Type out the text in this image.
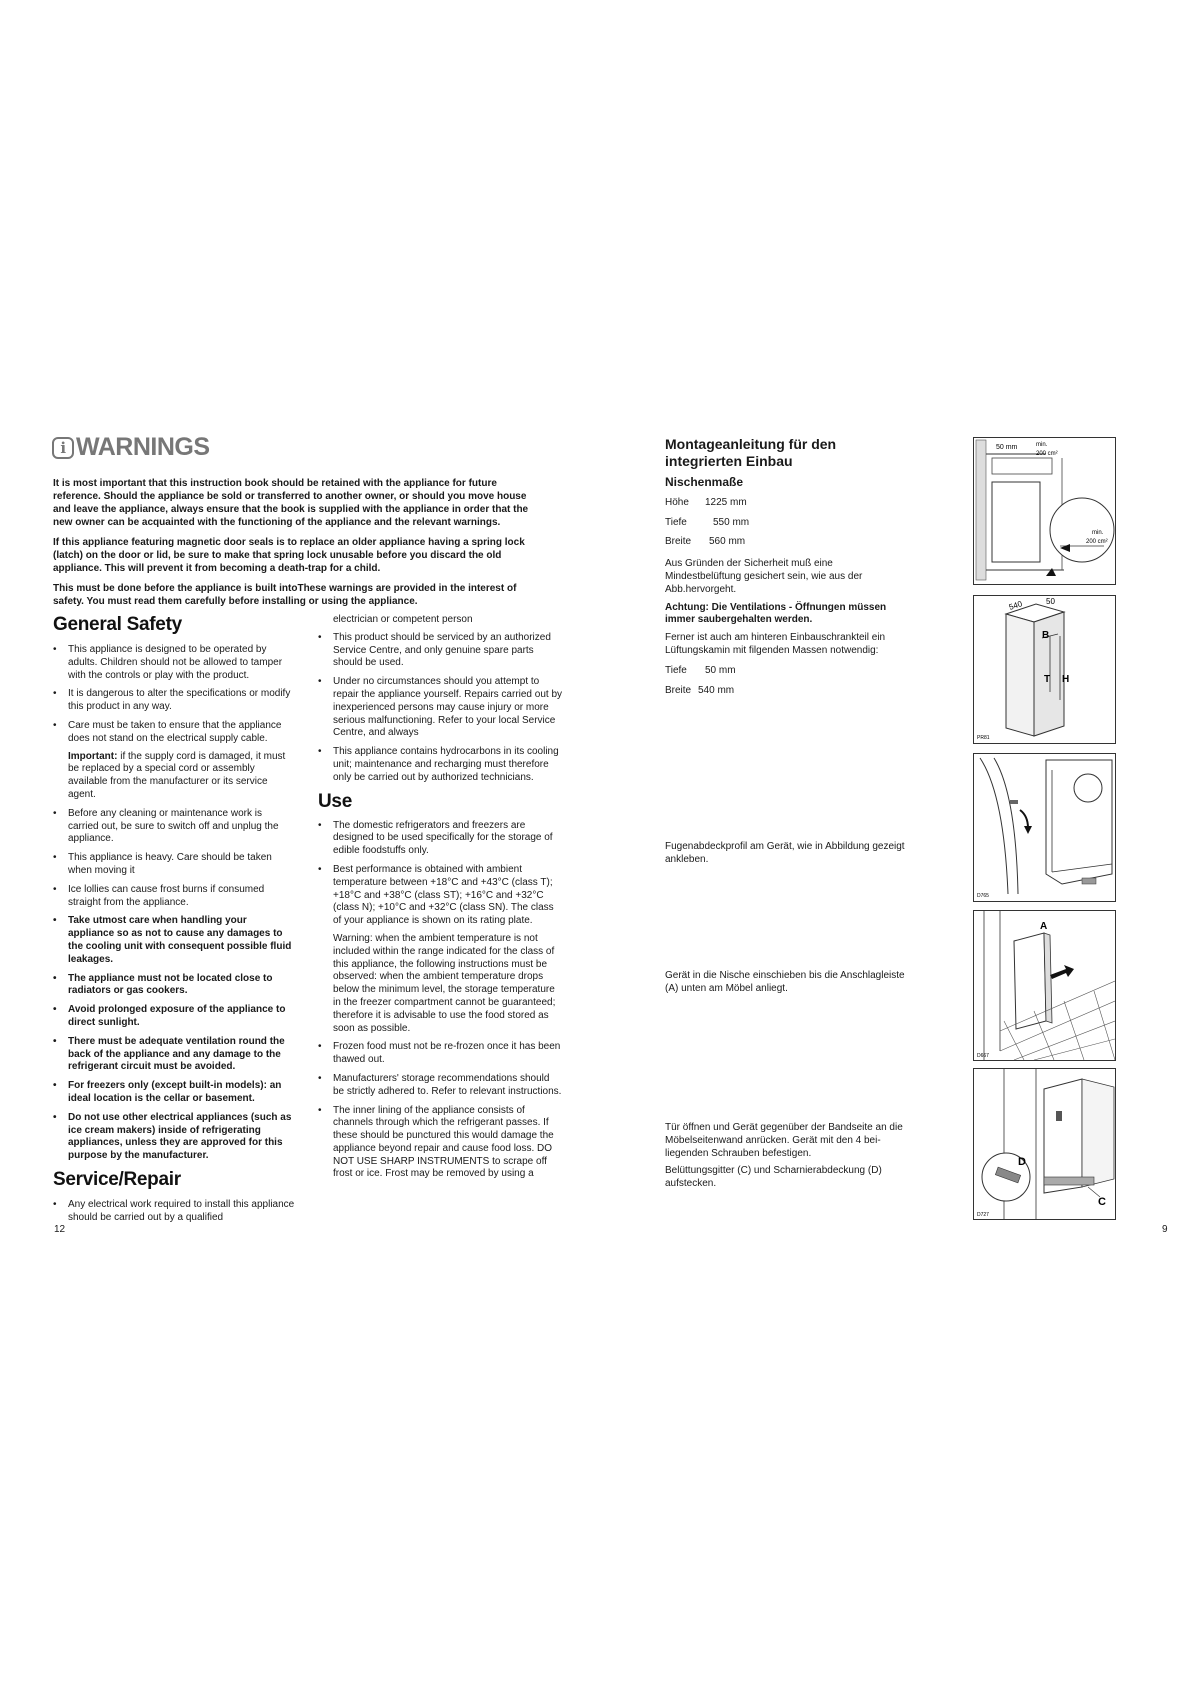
i WARNINGS

It is most important that this instruction book should be retained with the appliance for future reference. Should the appliance be sold or transferred to another owner, or should you move house and leave the appliance, always ensure that the book is supplied with the appliance in order that the new owner can be acquainted with the functioning of the appliance and the relevant warnings.

If this appliance featuring magnetic door seals is to replace an older appliance having a spring lock (latch) on the door or lid, be sure to make that spring lock unusable before you discard the old appliance. This will prevent it from becoming a death-trap for a child.

This must be done before the appliance is built intoThese warnings are provided in the interest of safety. You must read them carefully before installing or using the appliance.

General Safety
• This appliance is designed to be operated by adults. Children should not be allowed to tamper with the controls or play with the product.
• It is dangerous to alter the specifications or modify this product in any way.
• Care must be taken to ensure that the appliance does not stand on the electrical supply cable.
Important: if the supply cord is damaged, it must be replaced by a special cord or assembly available from the manufacturer or its service agent.
• Before any cleaning or maintenance work is carried out, be sure to switch off and unplug the appliance.
• This appliance is heavy. Care should be taken when moving it
• Ice lollies can cause frost burns if consumed straight from the appliance.
• Take utmost care when handling your appliance so as not to cause any damages to the cooling unit with consequent possible fluid leakages.
• The appliance must not be located close to radiators or gas cookers.
• Avoid prolonged exposure of the appliance to direct sunlight.
• There must be adequate ventilation round the back of the appliance and any damage to the refrigerant circuit must be avoided.
• For freezers only (except built-in models): an ideal location is the cellar or basement.
• Do not use other electrical appliances (such as ice cream makers) inside of refrigerating appliances, unless they are approved for this purpose by the manufacturer.
Service/Repair
• Any electrical work required to install this appliance should be carried out by a qualified

electrician or competent person

• This product should be serviced by an authorized Service Centre, and only genuine spare parts should be used.
• Under no circumstances should you attempt to repair the appliance yourself. Repairs carried out by inexperienced persons may cause injury or more serious malfunctioning. Refer to your local Service Centre, and always
• This appliance contains hydrocarbons in its cooling unit; maintenance and recharging must therefore only be carried out by authorized technicians.
Use
• The domestic refrigerators and freezers are designed to be used specifically for the storage of edible foodstuffs only.
• Best performance is obtained with ambient temperature between +18°C and +43°C (class T); +18°C and +38°C (class ST); +16°C and +32°C (class N); +10°C and +32°C (class SN). The class of your appliance is shown on its rating plate.
Warning: when the ambient temperature is not included within the range indicated for the class of this appliance, the following instructions must be observed: when the ambient temperature drops below the minimum level, the storage temperature in the freezer compartment cannot be guaranteed; therefore it is advisable to use the food stored as soon as possible.
• Frozen food must not be re-frozen once it has been thawed out.
• Manufacturers' storage recommendations should be strictly adhered to. Refer to relevant instructions.
• The inner lining of the appliance consists of channels through which the refrigerant passes. If these should be punctured this would damage the appliance beyond repair and cause food loss. DO NOT USE SHARP INSTRUMENTS to scrape off frost or ice. Frost may be removed by using a
12
Montageanleitung für den integrierten Einbau
Nischenmaße
Höhe	1225 mm
Tiefe	550 mm
Breite	560 mm

Aus Gründen der Sicherheit muß eine Mindestbelüftung gesichert sein, wie aus der Abb.hervorgeht.

Achtung: Die Ventilations - Öffnungen müssen immer saubergehalten werden.

Ferner ist auch am hinteren Einbauschrankteil ein Lüftungskamin mit filgenden Massen notwendig:

Tiefe	50 mm
Breite 540 mm

Fugenabdeckprofil am Gerät, wie in Abbildung gezeigt ankleben.

Gerät in die Nische einschieben bis die Anschlagleiste (A) unten am Möbel anliegt.

Tür öffnen und Gerät gegenüber der Bandseite an die Möbelseitenwand anrücken. Gerät mit den 4 bei-liegenden Schrauben befestigen.

Belüttungsgitter (C) und Scharnierabdeckung (D) aufstecken.

9
50 mm	min.
200 cm²
min.
200 cm²
540	50
B
T H
PR81
D765
A
D667
D
C
D727
